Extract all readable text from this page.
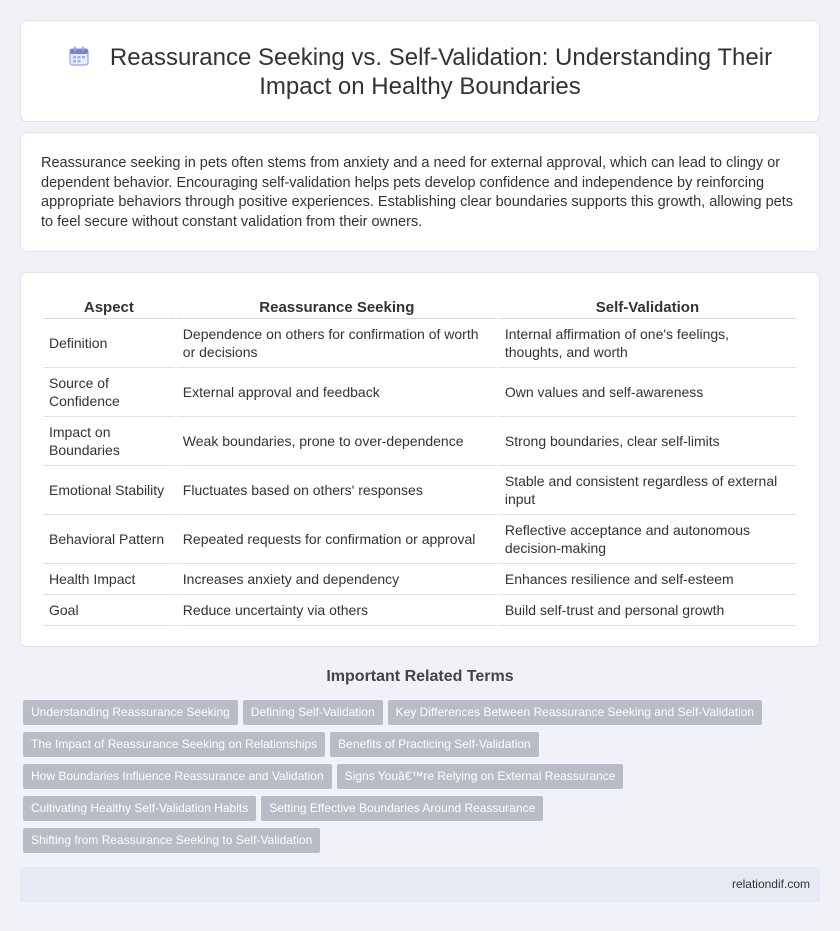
Reassurance Seeking vs. Self-Validation: Understanding Their Impact on Healthy Boundaries

Reassurance seeking in pets often stems from anxiety and a need for external approval, which can lead to clingy or dependent behavior. Encouraging self-validation helps pets develop confidence and independence by reinforcing appropriate behaviors through positive experiences. Establishing clear boundaries supports this growth, allowing pets to feel secure without constant validation from their owners.

Aspect	Reassurance Seeking	Self-Validation
Definition	Dependence on others for confirmation of worth or decisions	Internal affirmation of one's feelings, thoughts, and worth
Source of Confidence	External approval and feedback	Own values and self-awareness
Impact on Boundaries	Weak boundaries, prone to over-dependence	Strong boundaries, clear self-limits
Emotional Stability	Fluctuates based on others' responses	Stable and consistent regardless of external input
Behavioral Pattern	Repeated requests for confirmation or approval	Reflective acceptance and autonomous decision-making
Health Impact	Increases anxiety and dependency	Enhances resilience and self-esteem
Goal	Reduce uncertainty via others	Build self-trust and personal growth
Important Related Terms
Understanding Reassurance Seeking Defining Self-Validation Key Differences Between Reassurance Seeking and Self-Validation
The Impact of Reassurance Seeking on Relationships Benefits of Practicing Self-Validation
How Boundaries Influence Reassurance and Validation Signs Youâ€™re Relying on External Reassurance
Cultivating Healthy Self-Validation Habits Setting Effective Boundaries Around Reassurance
Shifting from Reassurance Seeking to Self-Validation
relationdif.com
